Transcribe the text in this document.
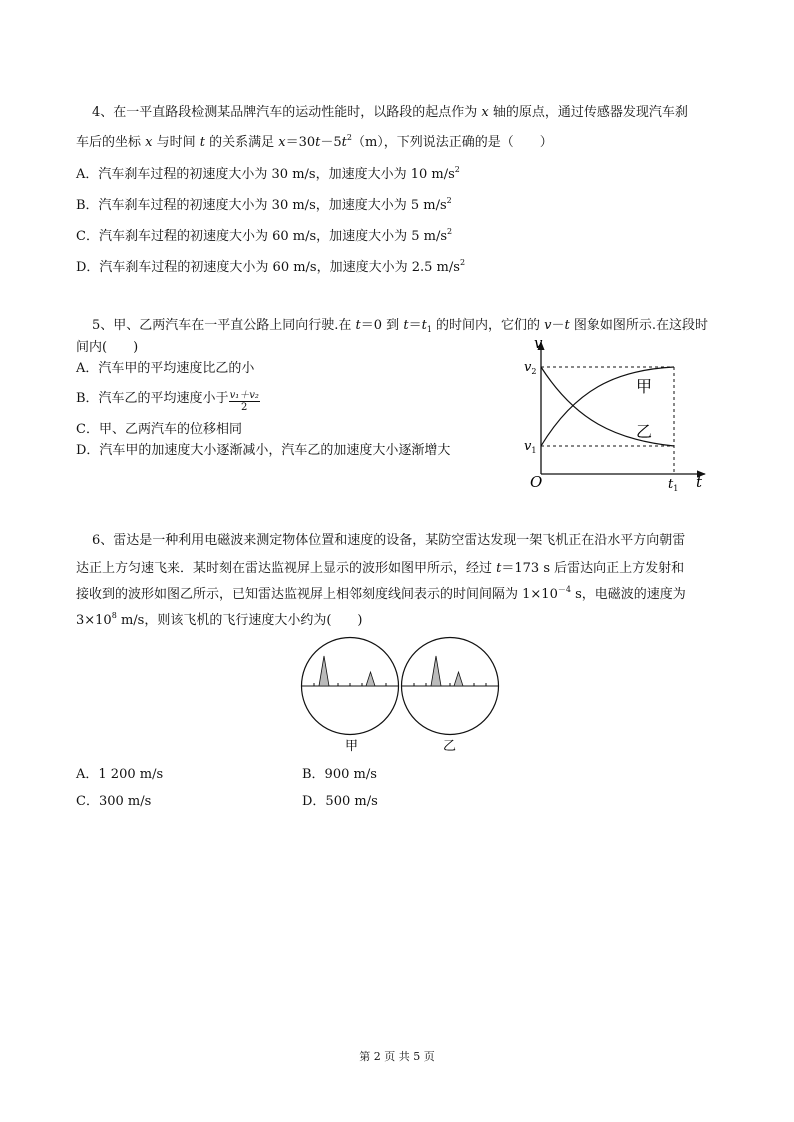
4、在一平直路段检测某品牌汽车的运动性能时，以路段的起点作为 x 轴的原点，通过传感器发现汽车刹
车后的坐标 x 与时间 t 的关系满足 $x=30t-5t^2(m)$，下列说法正确的是（　　）
A．汽车刹车过程的初速度大小为 30 m/s，加速度大小为 10 $m/s^2$
B．汽车刹车过程的初速度大小为 30 m/s，加速度大小为 5 $m/s^2$
C．汽车刹车过程的初速度大小为 60 m/s，加速度大小为 5 $m/s^2$
D．汽车刹车过程的初速度大小为 60 m/s，加速度大小为 2.5 $m/s^2$
5、甲、乙两汽车在一平直公路上同向行驶.在 t＝0 到 $t=t_1$ 的时间内，它们的 v－t 图象如图所示.在这段时
间内(　　)
A．汽车甲的平均速度比乙的小
B．汽车乙的平均速度小于 $\frac{\text{v₁＋v₂}}{2}$
C．甲、乙两汽车的位移相同
D．汽车甲的加速度大小逐渐减小，汽车乙的加速度大小逐渐增大
v
$v_2$
$v_1$
O	$t_1$ t
甲
乙
6、雷达是一种利用电磁波来测定物体位置和速度的设备，某防空雷达发现一架飞机正在沿水平方向朝雷
达正上方匀速飞来．某时刻在雷达监视屏上显示的波形如图甲所示，经过 t＝173 s 后雷达向正上方发射和
接收到的波形如图乙所示，已知雷达监视屏上相邻刻度线间表示的时间间隔为 $1\times 10^{-4}$ s，电磁波的速度为
$3\times 10^8$ m/s，则该飞机的飞行速度大小约为(　　)
甲	乙
A．1 200 m/s	B．900 m/s
C．300 m/s	D．500 m/s
第 2 页 共 5 页
